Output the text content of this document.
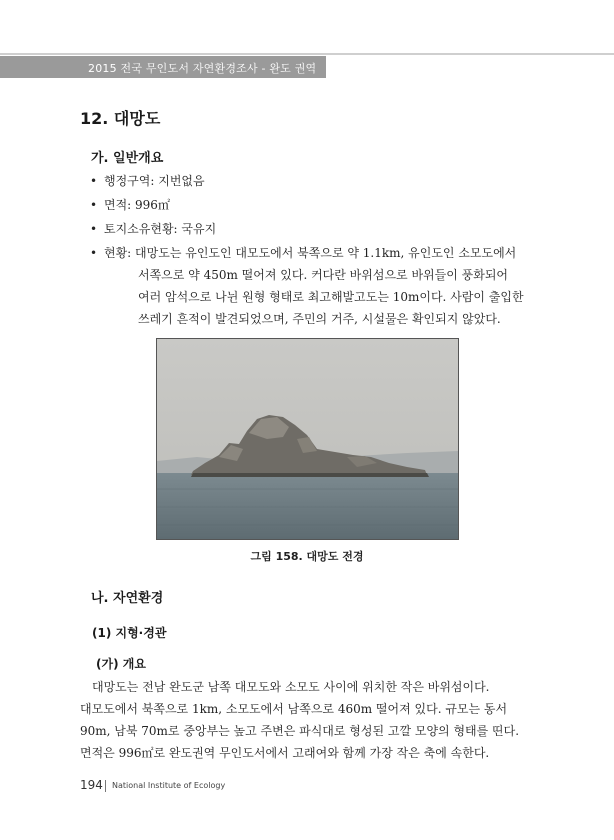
2015 전국 무인도서 자연환경조사 - 완도 권역
12. 대망도
가. 일반개요
• 행정구역: 지번없음
• 면적: 996㎡
• 토지소유현황: 국유지
• 현황: 대망도는 유인도인 대모도에서 북쪽으로 약 1.1km, 유인도인 소모도에서
서쪽으로 약 450m 떨어져 있다. 커다란 바위섬으로 바위들이 풍화되어
여러 암석으로 나뉜 원형 형태로 최고해발고도는 10m이다. 사람이 출입한
쓰레기 흔적이 발견되었으며, 주민의 거주, 시설물은 확인되지 않았다.
그림 158. 대망도 전경
나. 자연환경
(1) 지형·경관
(가) 개요
대망도는 전남 완도군 남쪽 대모도와 소모도 사이에 위치한 작은 바위섬이다.
대모도에서 북쪽으로 1km, 소모도에서 남쪽으로 460m 떨어져 있다. 규모는 동서
90m, 남북 70m로 중앙부는 높고 주변은 파식대로 형성된 고깔 모양의 형태를 띤다.
면적은 996㎡로 완도권역 무인도서에서 고래여와 함께 가장 작은 축에 속한다.
194 National Institute of Ecology
